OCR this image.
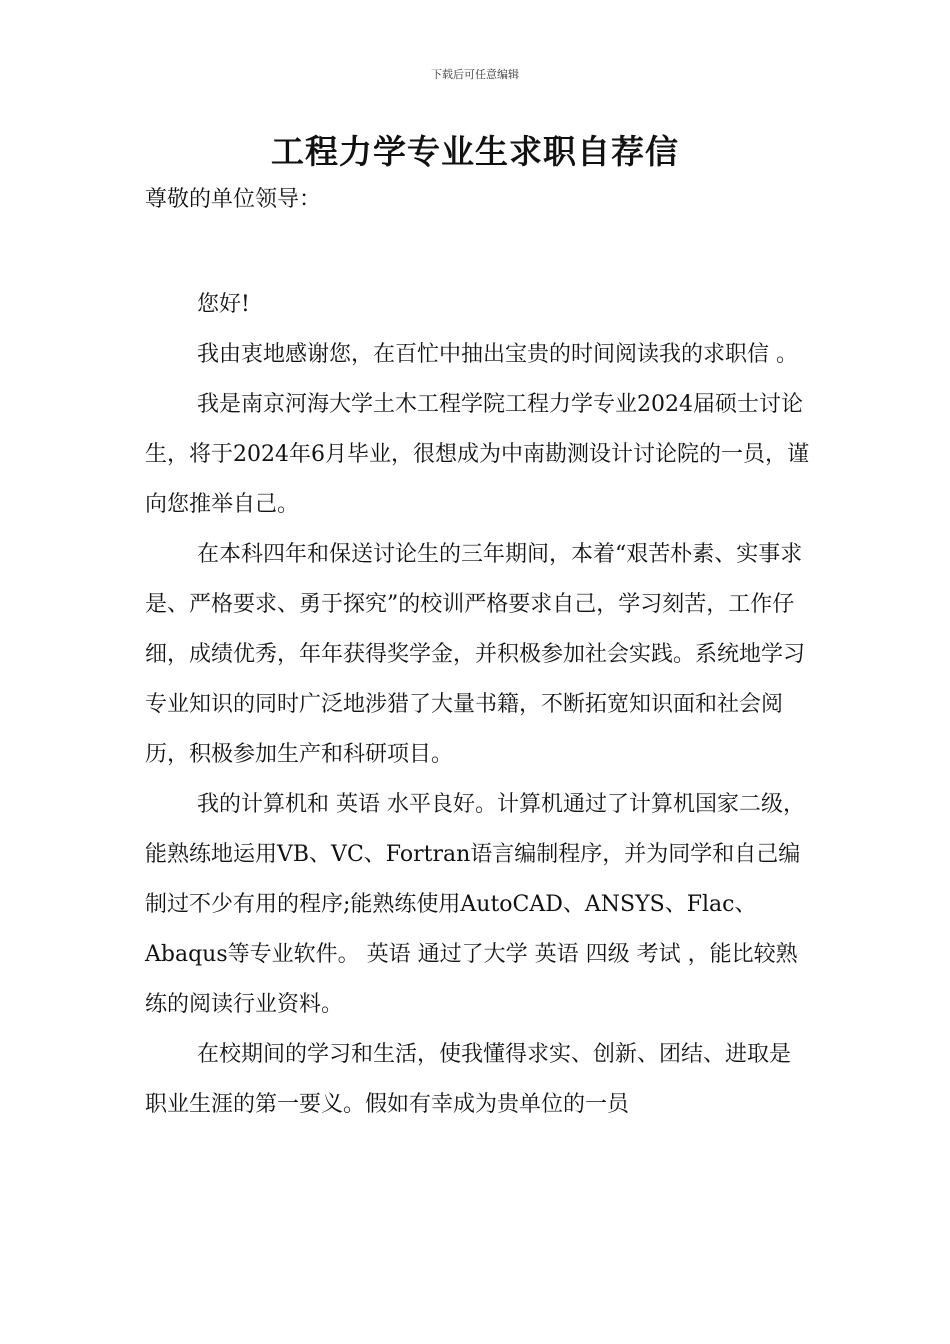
下载后可任意编辑
工程力学专业生求职自荐信
尊敬的单位领导：

您好!

我由衷地感谢您，在百忙中抽出宝贵的时间阅读我的求职信 。

我是南京河海大学土木工程学院工程力学专业2024届硕士讨论生，将于2024年6月毕业，很想成为中南勘测设计讨论院的一员，谨向您推举自己。

在本科四年和保送讨论生的三年期间，本着“艰苦朴素、实事求是、严格要求、勇于探究”的校训严格要求自己，学习刻苦，工作仔细，成绩优秀，年年获得奖学金，并积极参加社会实践。系统地学习专业知识的同时广泛地涉猎了大量书籍，不断拓宽知识面和社会阅历，积极参加生产和科研项目。

我的计算机和 英语 水平良好。计算机通过了计算机国家二级，能熟练地运用VB、VC、Fortran语言编制程序，并为同学和自己编制过不少有用的程序;能熟练使用AutoCAD、ANSYS、Flac、Abaqus等专业软件。 英语 通过了大学 英语 四级 考试 ，能比较熟练的阅读行业资料。

在校期间的学习和生活，使我懂得求实、创新、团结、进取是职业生涯的第一要义。假如有幸成为贵单位的一员
